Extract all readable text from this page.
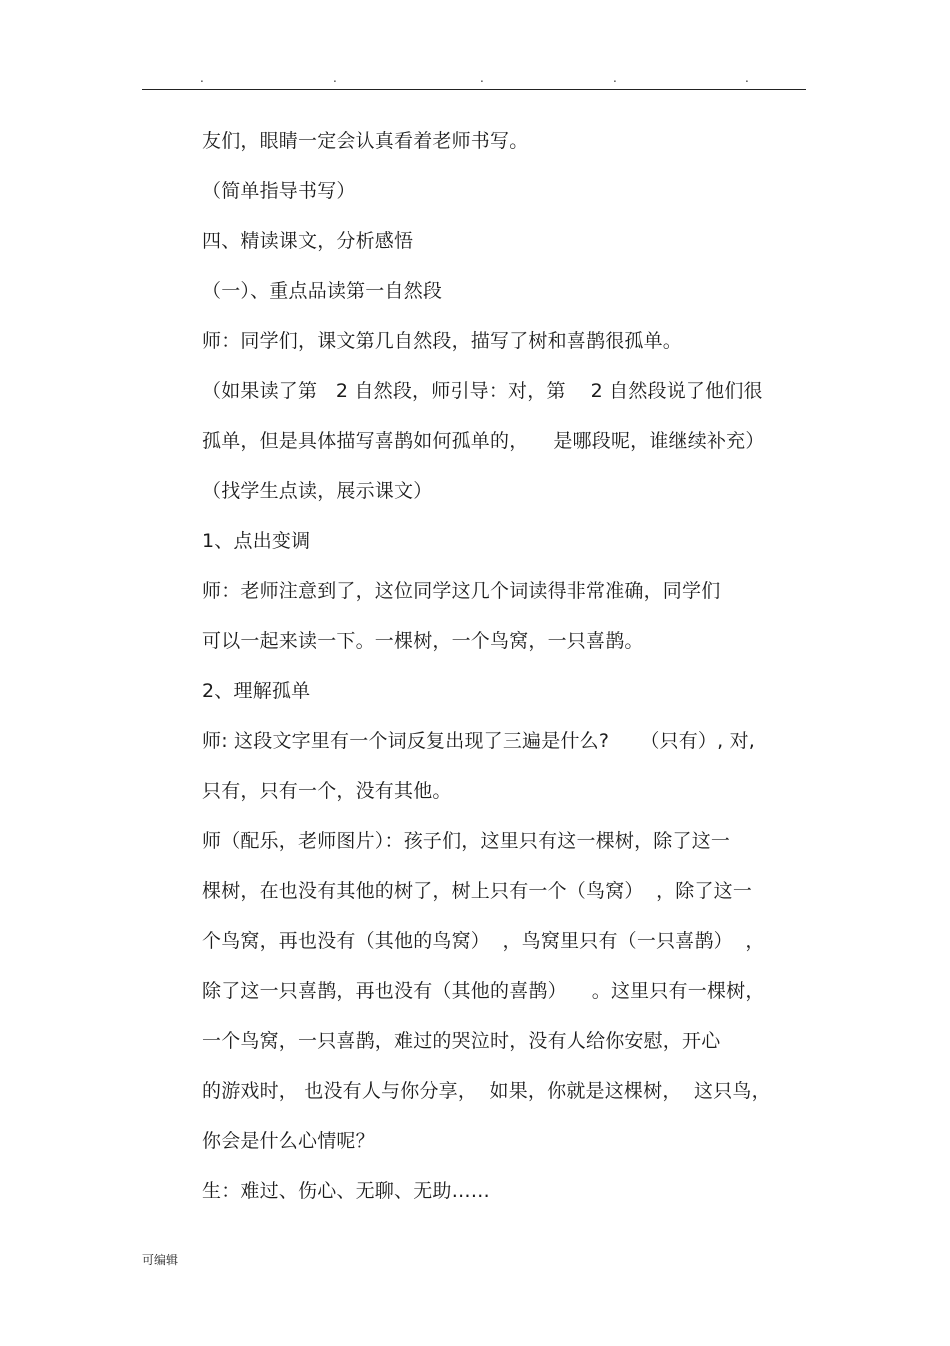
.	.	.	.	.
友们，眼睛一定会认真看着老师书写。
（简单指导书写）
四、精读课文，分析感悟
（一）、重点品读第一自然段
师：同学们，课文第几自然段，描写了树和喜鹊很孤单。
（如果读了第   2 自然段，师引导：对，第    2 自然段说了他们很
孤单，但是具体描写喜鹊如何孤单的，    是哪段呢，谁继续补充）
（找学生点读，展示课文）
1、点出变调
师：老师注意到了，这位同学这几个词读得非常准确，同学们
可以一起来读一下。一棵树，一个鸟窝，一只喜鹊。
2、理解孤单
师: 这段文字里有一个词反复出现了三遍是什么?     （只有）, 对,
只有，只有一个，没有其他。
师（配乐，老师图片）：孩子们，这里只有这一棵树，除了这一
棵树，在也没有其他的树了，树上只有一个（鸟窝）  ，除了这一
个鸟窝，再也没有（其他的鸟窝）  ，鸟窝里只有（一只喜鹊）  ，
除了这一只喜鹊，再也没有（其他的喜鹊）    。这里只有一棵树，
一个鸟窝，一只喜鹊，难过的哭泣时，没有人给你安慰，开心
的游戏时， 也没有人与你分享，  如果，你就是这棵树，  这只鸟，
你会是什么心情呢？
生：难过、伤心、无聊、无助……
可编辑
